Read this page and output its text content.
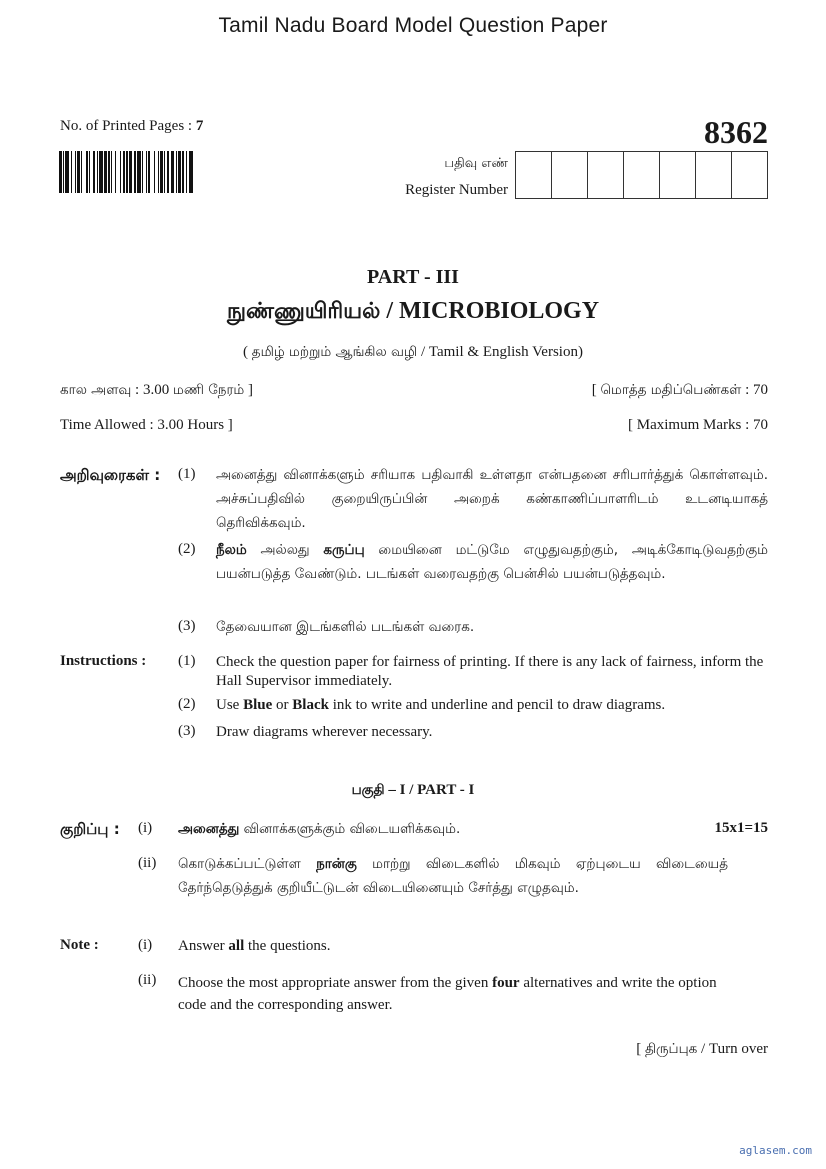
Tamil Nadu Board Model Question Paper
No. of Printed Pages : 7	8362
பதிவு எண்
Register Number
PART - III
நுண்ணுயிரியல் / MICROBIOLOGY
( தமிழ் மற்றும் ஆங்கில வழி / Tamil & English Version)
கால அளவு : 3.00 மணி நேரம் ]	[ மொத்த மதிப்பெண்கள் : 70
Time Allowed : 3.00 Hours ]	[ Maximum Marks : 70
அறிவுரைகள் : (1) அனைத்து வினாக்களும் சரியாக பதிவாகி உள்ளதா என்பதனை சரிபார்த்துக் கொள்ளவும். அச்சுப்பதிவில் குறையிருப்பின் அறைக் கண்காணிப்பாளரிடம் உடனடியாகத் தெரிவிக்கவும்.
(2) நீலம் அல்லது கருப்பு மையினை மட்டுமே எழுதுவதற்கும், அடிக்கோடிடுவதற்கும் பயன்படுத்த வேண்டும். படங்கள் வரைவதற்கு பென்சில் பயன்படுத்தவும்.
(3) தேவையான இடங்களில் படங்கள் வரைக.
Instructions : (1) Check the question paper for fairness of printing. If there is any lack of fairness, inform the Hall Supervisor immediately.
(2) Use Blue or Black ink to write and underline and pencil to draw diagrams.
(3) Draw diagrams wherever necessary.
பகுதி – I / PART - I
குறிப்பு : (i) அனைத்து வினாக்களுக்கும் விடையளிக்கவும்.	15x1=15
(ii) கொடுக்கப்பட்டுள்ள நான்கு மாற்று விடைகளில் மிகவும் ஏற்புடைய விடையைத் தேர்ந்தெடுத்துக் குறியீட்டுடன் விடையினையும் சேர்த்து எழுதவும்.
Note :	(i) Answer all the questions.
(ii) Choose the most appropriate answer from the given four alternatives and write the option code and the corresponding answer.
[ திருப்புக / Turn over
aglasem.com
